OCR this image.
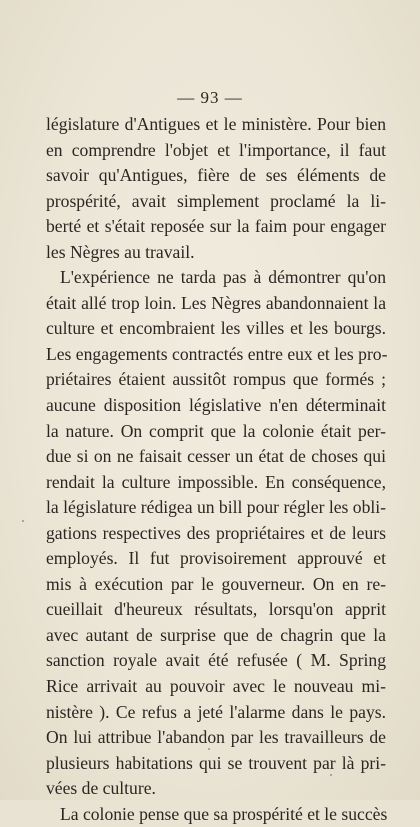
— 93 —
législature d'Antigues et le ministère. Pour bien
en comprendre l'objet et l'importance, il faut
savoir qu'Antigues, fière de ses éléments de
prospérité, avait simplement proclamé la li-
berté et s'était reposée sur la faim pour engager
les Nègres au travail.
L'expérience ne tarda pas à démontrer qu'on
était allé trop loin. Les Nègres abandonnaient la
culture et encombraient les villes et les bourgs.
Les engagements contractés entre eux et les pro-
priétaires étaient aussitôt rompus que formés ;
aucune disposition législative n'en déterminait
la nature. On comprit que la colonie était per-
due si on ne faisait cesser un état de choses qui
rendait la culture impossible. En conséquence,
la législature rédigea un bill pour régler les obli-
gations respectives des propriétaires et de leurs
employés. Il fut provisoirement approuvé et
mis à exécution par le gouverneur. On en re-
cueillait d'heureux résultats, lorsqu'on apprit
avec autant de surprise que de chagrin que la
sanction royale avait été refusée ( M. Spring
Rice arrivait au pouvoir avec le nouveau mi-
nistère ). Ce refus a jeté l'alarme dans le pays.
On lui attribue l'abandon par les travailleurs de
plusieurs habitations qui se trouvent par là pri-
vées de culture.
La colonie pense que sa prospérité et le succès
